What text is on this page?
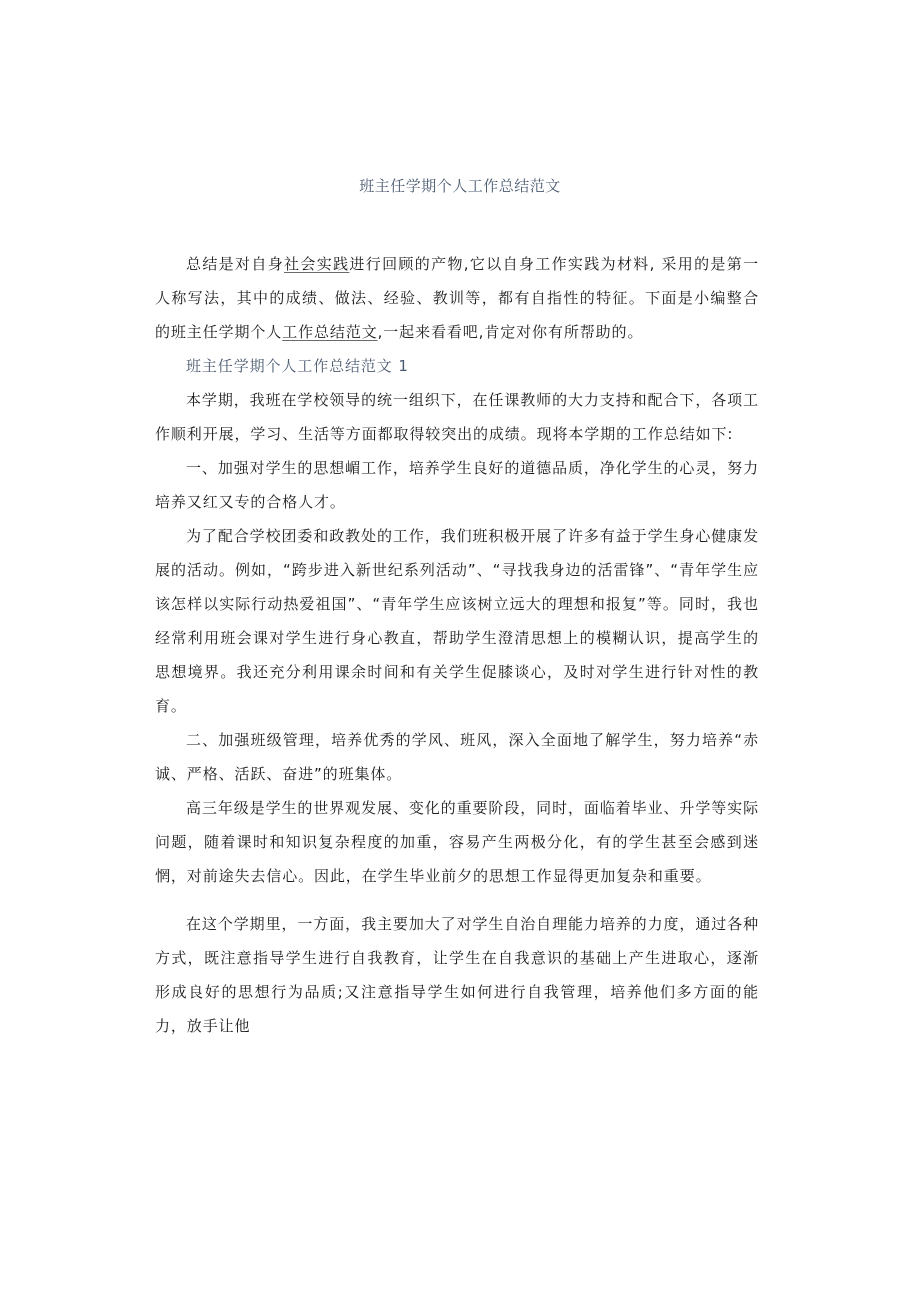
班主任学期个人工作总结范文

总结是对自身社会实践进行回顾的产物,它以自身工作实践为材料, 采用的是第一人称写法，其中的成绩、做法、经验、教训等，都有自指性的特征。下面是小编整合的班主任学期个人工作总结范文,一起来看看吧,肯定对你有所帮助的。

班主任学期个人工作总结范文 1

本学期，我班在学校领导的统一组织下，在任课教师的大力支持和配合下，各项工作顺利开展，学习、生活等方面都取得较突出的成绩。现将本学期的工作总结如下:

一、加强对学生的思想嵋工作，培养学生良好的道德品质，净化学生的心灵，努力培养又红又专的合格人才。

为了配合学校团委和政教处的工作，我们班积极开展了许多有益于学生身心健康发展的活动。例如，“跨步进入新世纪系列活动”、“寻找我身边的活雷锋”、“青年学生应该怎样以实际行动热爱祖国”、“青年学生应该树立远大的理想和报复”等。同时，我也经常利用班会课对学生进行身心教直，帮助学生澄清思想上的模糊认识，提高学生的思想境界。我还充分利用课余时间和有关学生促膝谈心，及时对学生进行针对性的教育。

二、加强班级管理，培养优秀的学风、班风，深入全面地了解学生，努力培养“赤诚、严格、活跃、奋进”的班集体。

高三年级是学生的世界观发展、变化的重要阶段，同时，面临着毕业、升学等实际问题，随着课时和知识复杂程度的加重，容易产生两极分化，有的学生甚至会感到迷惘，对前途失去信心。因此，在学生毕业前夕的思想工作显得更加复杂和重要。

在这个学期里，一方面，我主要加大了对学生自治自理能力培养的力度，通过各种方式，既注意指导学生进行自我教育，让学生在自我意识的基础上产生进取心，逐渐形成良好的思想行为品质;又注意指导学生如何进行自我管理，培养他们多方面的能力，放手让他
